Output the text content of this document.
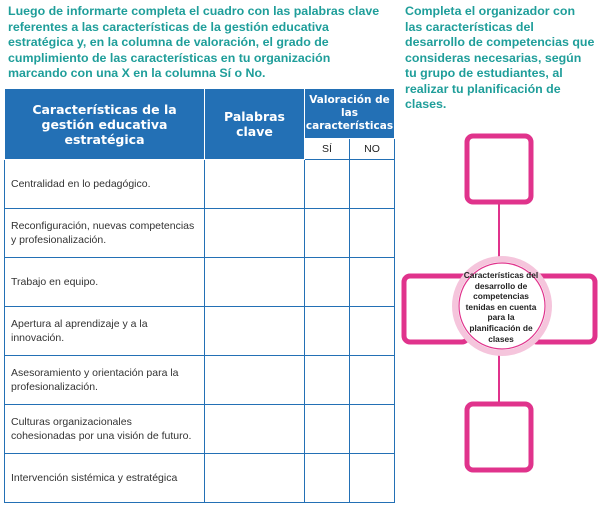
Luego de informarte completa el cuadro con las palabras clave referentes a las características de la gestión educativa estratégica y, en la columna de valoración, el grado de cumplimiento de las características en tu organización marcando con una X en la columna Sí o No.

Completa el organizador con las características del desarrollo de competencias que consideras necesarias, según tu grupo de estudiantes, al realizar tu planificación de clases.

Características de la gestión educativa estratégica	Palabras clave	Valoración de las características	
		SÍ	NO
Centralidad en lo pedagógico.			
Reconfiguración, nuevas competencias y profesionalización.			
Trabajo en equipo.			
Apertura al aprendizaje y a la innovación.			
Asesoramiento y orientación para la profesionalización.			
Culturas organizacionales cohesionadas por una visión de futuro.			
Intervención sistémica y estratégica			
Características del desarrollo de competencias tenidas en cuenta para la planificación de clases
